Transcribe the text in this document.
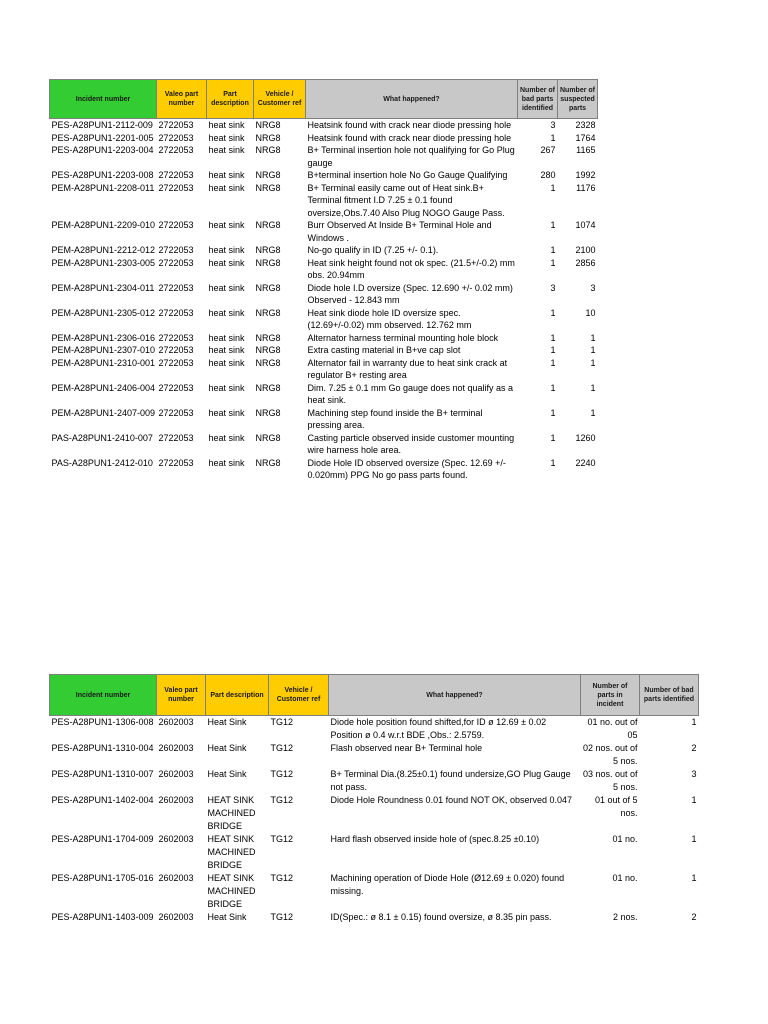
Incident number	Valeo part number	Part description	Vehicle / Customer ref	What happened?	Number of bad parts identified	Number of suspected parts
PES-A28PUN1-2112-009	2722053	heat sink	NRG8	Heatsink found with crack near diode pressing hole	3	2328
PES-A28PUN1-2201-005	2722053	heat sink	NRG8	Heatsink found with crack near diode pressing hole	1	1764
PES-A28PUN1-2203-004	2722053	heat sink	NRG8	B+ Terminal insertion hole not qualifying for Go Plug gauge	267	1165
PES-A28PUN1-2203-008	2722053	heat sink	NRG8	B+terminal insertion hole No Go Gauge Qualifying	280	1992
PEM-A28PUN1-2208-011	2722053	heat sink	NRG8	B+ Terminal easily came out of Heat sink.B+ Terminal fitment I.D 7.25 ± 0.1 found oversize,Obs.7.40 Also Plug NOGO Gauge Pass.	1	1176
PEM-A28PUN1-2209-010	2722053	heat sink	NRG8	Burr Observed At Inside B+ Terminal Hole and Windows .	1	1074
PEM-A28PUN1-2212-012	2722053	heat sink	NRG8	No-go qualify in ID (7.25 +/- 0.1).	1	2100
PEM-A28PUN1-2303-005	2722053	heat sink	NRG8	Heat sink height found not ok spec. (21.5+/-0.2) mm obs. 20.94mm	1	2856
PEM-A28PUN1-2304-011	2722053	heat sink	NRG8	Diode hole I.D oversize (Spec. 12.690 +/- 0.02 mm) Observed - 12.843 mm	3	3
PEM-A28PUN1-2305-012	2722053	heat sink	NRG8	Heat sink diode hole ID oversize spec. (12.69+/-0.02) mm observed. 12.762 mm	1	10
PEM-A28PUN1-2306-016	2722053	heat sink	NRG8	Alternator harness terminal mounting hole block	1	1
PEM-A28PUN1-2307-010	2722053	heat sink	NRG8	Extra casting material in B+ve cap slot	1	1
PEM-A28PUN1-2310-001	2722053	heat sink	NRG8	Alternator fail in warranty due to heat sink crack at regulator B+ resting area	1	1
PEM-A28PUN1-2406-004	2722053	heat sink	NRG8	Dim. 7.25 ± 0.1 mm Go gauge does not qualify as a heat sink.	1	1
PEM-A28PUN1-2407-009	2722053	heat sink	NRG8	Machining step found inside the B+ terminal pressing area.	1	1
PAS-A28PUN1-2410-007	2722053	heat sink	NRG8	Casting particle observed inside customer mounting wire harness hole area.	1	1260
PAS-A28PUN1-2412-010	2722053	heat sink	NRG8	Diode Hole ID observed oversize (Spec. 12.69 +/- 0.020mm) PPG No go pass parts found.	1	2240
Incident number	Valeo part number	Part description	Vehicle / Customer ref	What happened?	Number of parts in incident	Number of bad parts identified
PES-A28PUN1-1306-008	2602003	Heat Sink	TG12	Diode hole position found shifted,for ID ø 12.69 ± 0.02 Position ø 0.4 w.r.t BDE ,Obs.: 2.5759.	01 no. out of 05	1
PES-A28PUN1-1310-004	2602003	Heat Sink	TG12	Flash observed near B+ Terminal hole	02 nos. out of 5 nos.	2
PES-A28PUN1-1310-007	2602003	Heat Sink	TG12	B+ Terminal Dia.(8.25±0.1) found undersize,GO Plug Gauge not pass.	03 nos. out of 5 nos.	3
PES-A28PUN1-1402-004	2602003	HEAT SINK MACHINED BRIDGE	TG12	Diode Hole Roundness 0.01 found NOT OK, observed 0.047	01 out of 5 nos.	1
PES-A28PUN1-1704-009	2602003	HEAT SINK MACHINED BRIDGE	TG12	Hard flash observed inside hole of (spec.8.25 ±0.10)	01 no.	1
PES-A28PUN1-1705-016	2602003	HEAT SINK MACHINED BRIDGE	TG12	Machining operation of Diode Hole (Ø12.69 ± 0.020) found missing.	01 no.	1
PES-A28PUN1-1403-009	2602003	Heat Sink	TG12	ID(Spec.: ø 8.1 ± 0.15) found oversize, ø 8.35 pin pass.	2 nos.	2
